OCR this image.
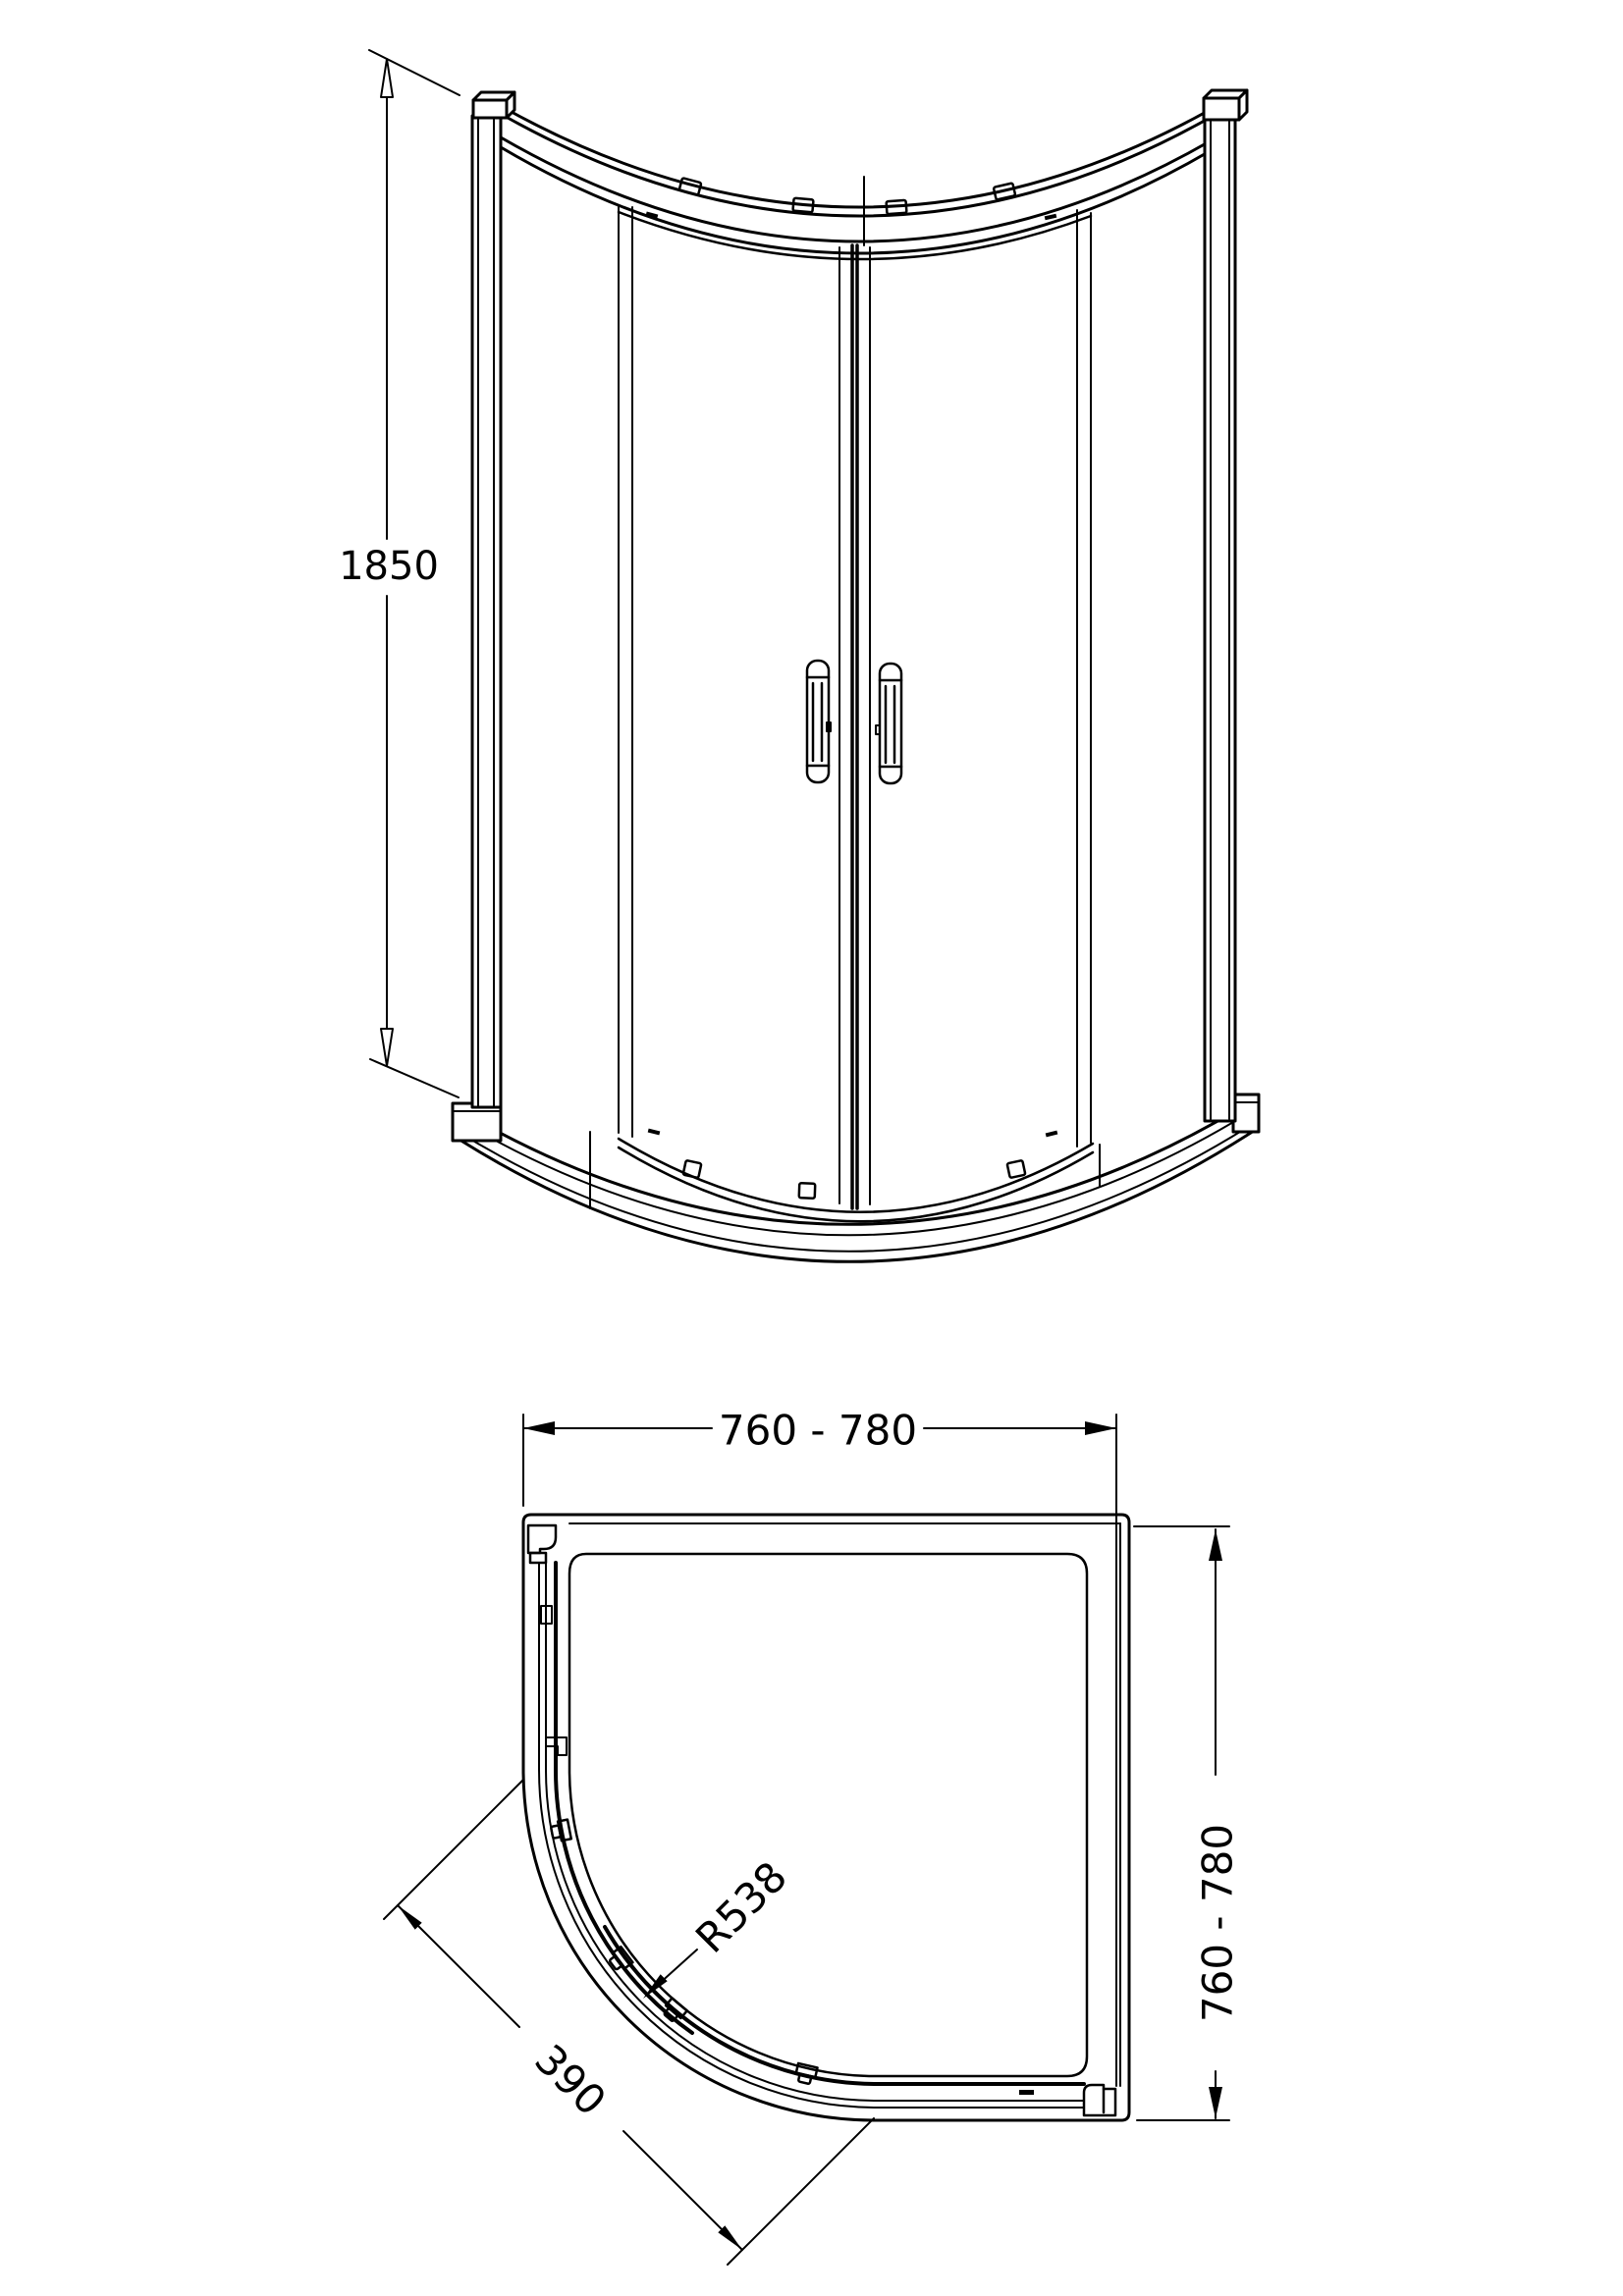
1850
760 - 780
760 - 780
390
R538
